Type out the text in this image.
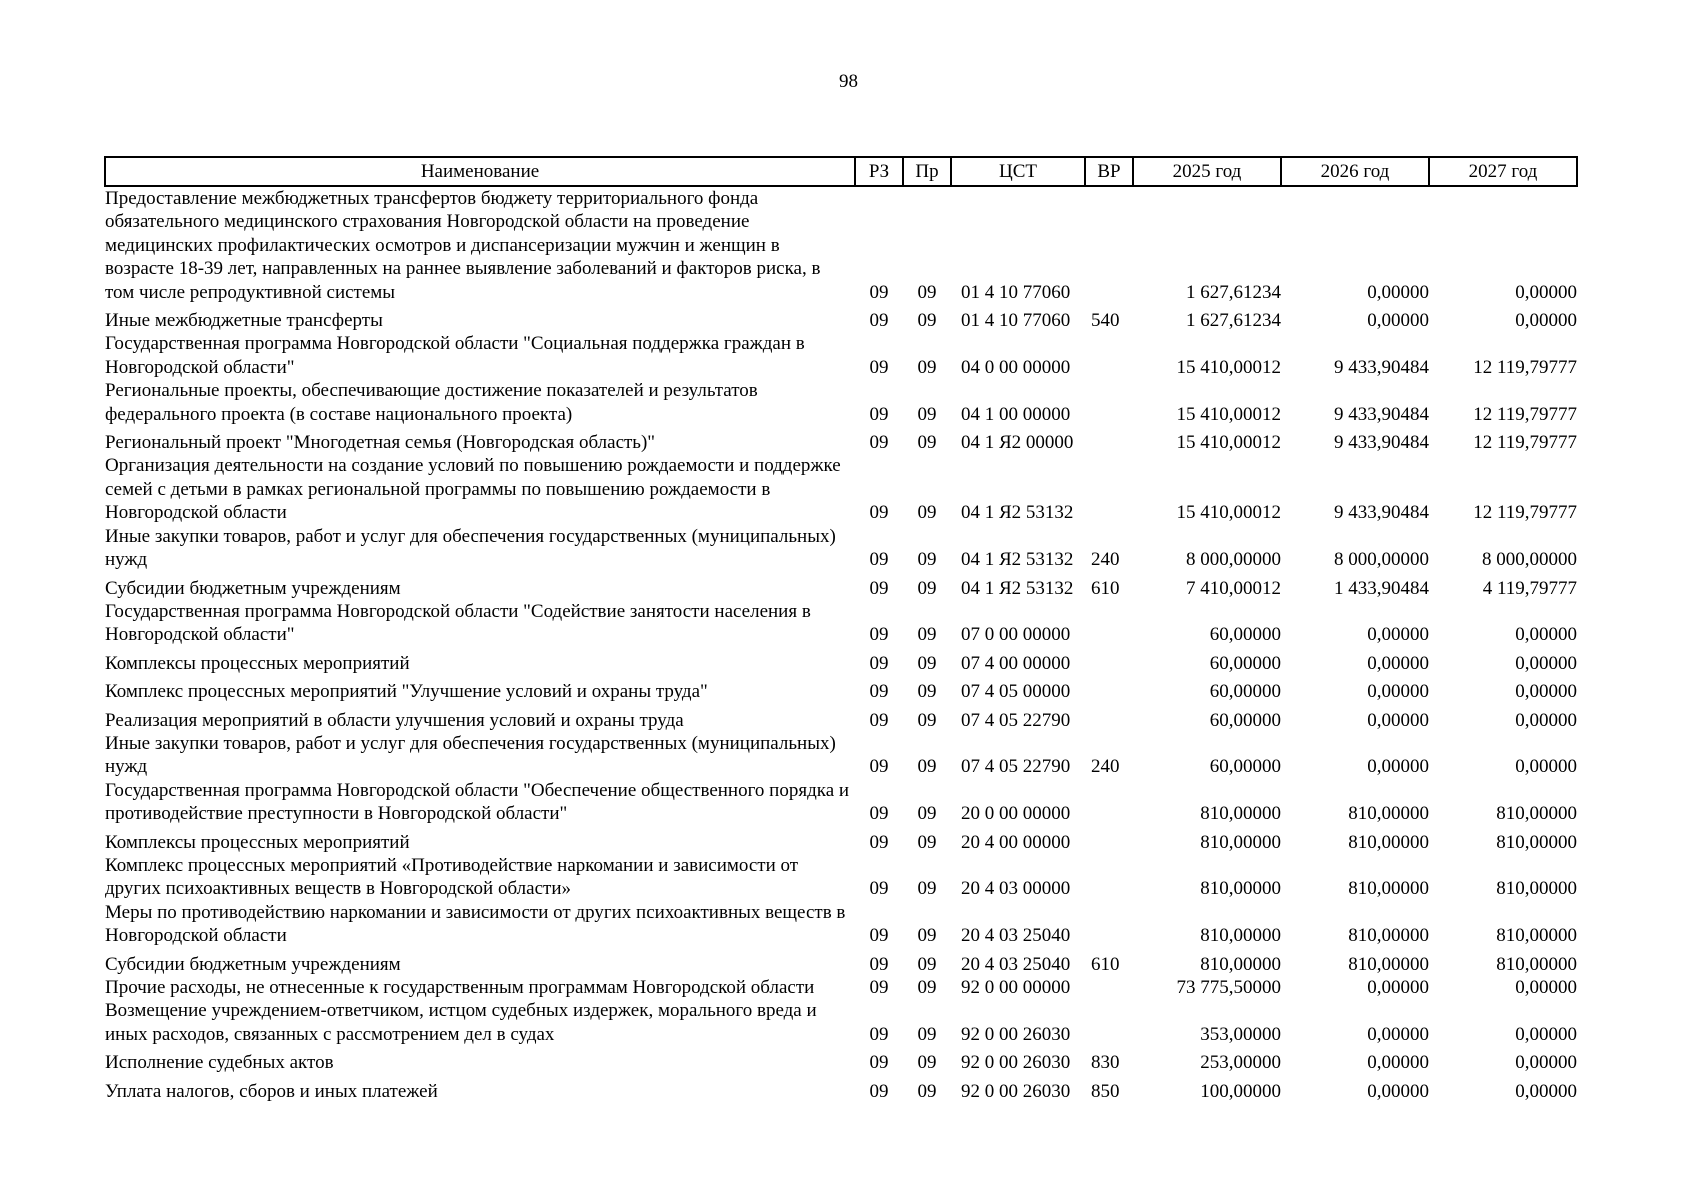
98
Наименование	РЗ	Пр	ЦСТ	ВР	2025 год	2026 год	2027 год
Предоставление межбюджетных трансфертов бюджету территориального фонда обязательного медицинского страхования Новгородской области на проведение медицинских профилактических осмотров и диспансеризации мужчин и женщин в возрасте 18-39 лет, направленных на раннее выявление заболеваний и факторов риска, в том числе репродуктивной системы	09	09	01 4 10 77060		1 627,61234	0,00000	0,00000
Иные межбюджетные трансферты	09	09	01 4 10 77060	540	1 627,61234	0,00000	0,00000
Государственная программа Новгородской области "Социальная поддержка граждан в Новгородской области"	09	09	04 0 00 00000		15 410,00012	9 433,90484	12 119,79777
Региональные проекты, обеспечивающие достижение показателей и результатов федерального проекта (в составе национального проекта)	09	09	04 1 00 00000		15 410,00012	9 433,90484	12 119,79777
Региональный проект "Многодетная семья (Новгородская область)"	09	09	04 1 Я2 00000		15 410,00012	9 433,90484	12 119,79777
Организация деятельности на создание условий по повышению рождаемости и поддержке семей с детьми в рамках региональной программы по повышению рождаемости в Новгородской области	09	09	04 1 Я2 53132		15 410,00012	9 433,90484	12 119,79777
Иные закупки товаров, работ и услуг для обеспечения государственных (муниципальных) нужд	09	09	04 1 Я2 53132	240	8 000,00000	8 000,00000	8 000,00000
Субсидии бюджетным учреждениям	09	09	04 1 Я2 53132	610	7 410,00012	1 433,90484	4 119,79777
Государственная программа Новгородской области "Содействие занятости населения в Новгородской области"	09	09	07 0 00 00000		60,00000	0,00000	0,00000
Комплексы процессных мероприятий	09	09	07 4 00 00000		60,00000	0,00000	0,00000
Комплекс процессных мероприятий "Улучшение условий и охраны труда"	09	09	07 4 05 00000		60,00000	0,00000	0,00000
Реализация мероприятий в области улучшения условий и охраны труда	09	09	07 4 05 22790		60,00000	0,00000	0,00000
Иные закупки товаров, работ и услуг для обеспечения государственных (муниципальных) нужд	09	09	07 4 05 22790	240	60,00000	0,00000	0,00000
Государственная программа Новгородской области "Обеспечение общественного порядка и противодействие преступности в Новгородской области"	09	09	20 0 00 00000		810,00000	810,00000	810,00000
Комплексы процессных мероприятий	09	09	20 4 00 00000		810,00000	810,00000	810,00000
Комплекс процессных мероприятий «Противодействие наркомании и зависимости от других психоактивных веществ в Новгородской области»	09	09	20 4 03 00000		810,00000	810,00000	810,00000
Меры по противодействию наркомании и зависимости от других психоактивных веществ в Новгородской области	09	09	20 4 03 25040		810,00000	810,00000	810,00000
Субсидии бюджетным учреждениям	09	09	20 4 03 25040	610	810,00000	810,00000	810,00000
Прочие расходы, не отнесенные к государственным программам Новгородской области	09	09	92 0 00 00000		73 775,50000	0,00000	0,00000
Возмещение учреждением-ответчиком, истцом судебных издержек, морального вреда и иных расходов, связанных с рассмотрением дел в судах	09	09	92 0 00 26030		353,00000	0,00000	0,00000
Исполнение судебных актов	09	09	92 0 00 26030	830	253,00000	0,00000	0,00000
Уплата налогов, сборов и иных платежей	09	09	92 0 00 26030	850	100,00000	0,00000	0,00000
